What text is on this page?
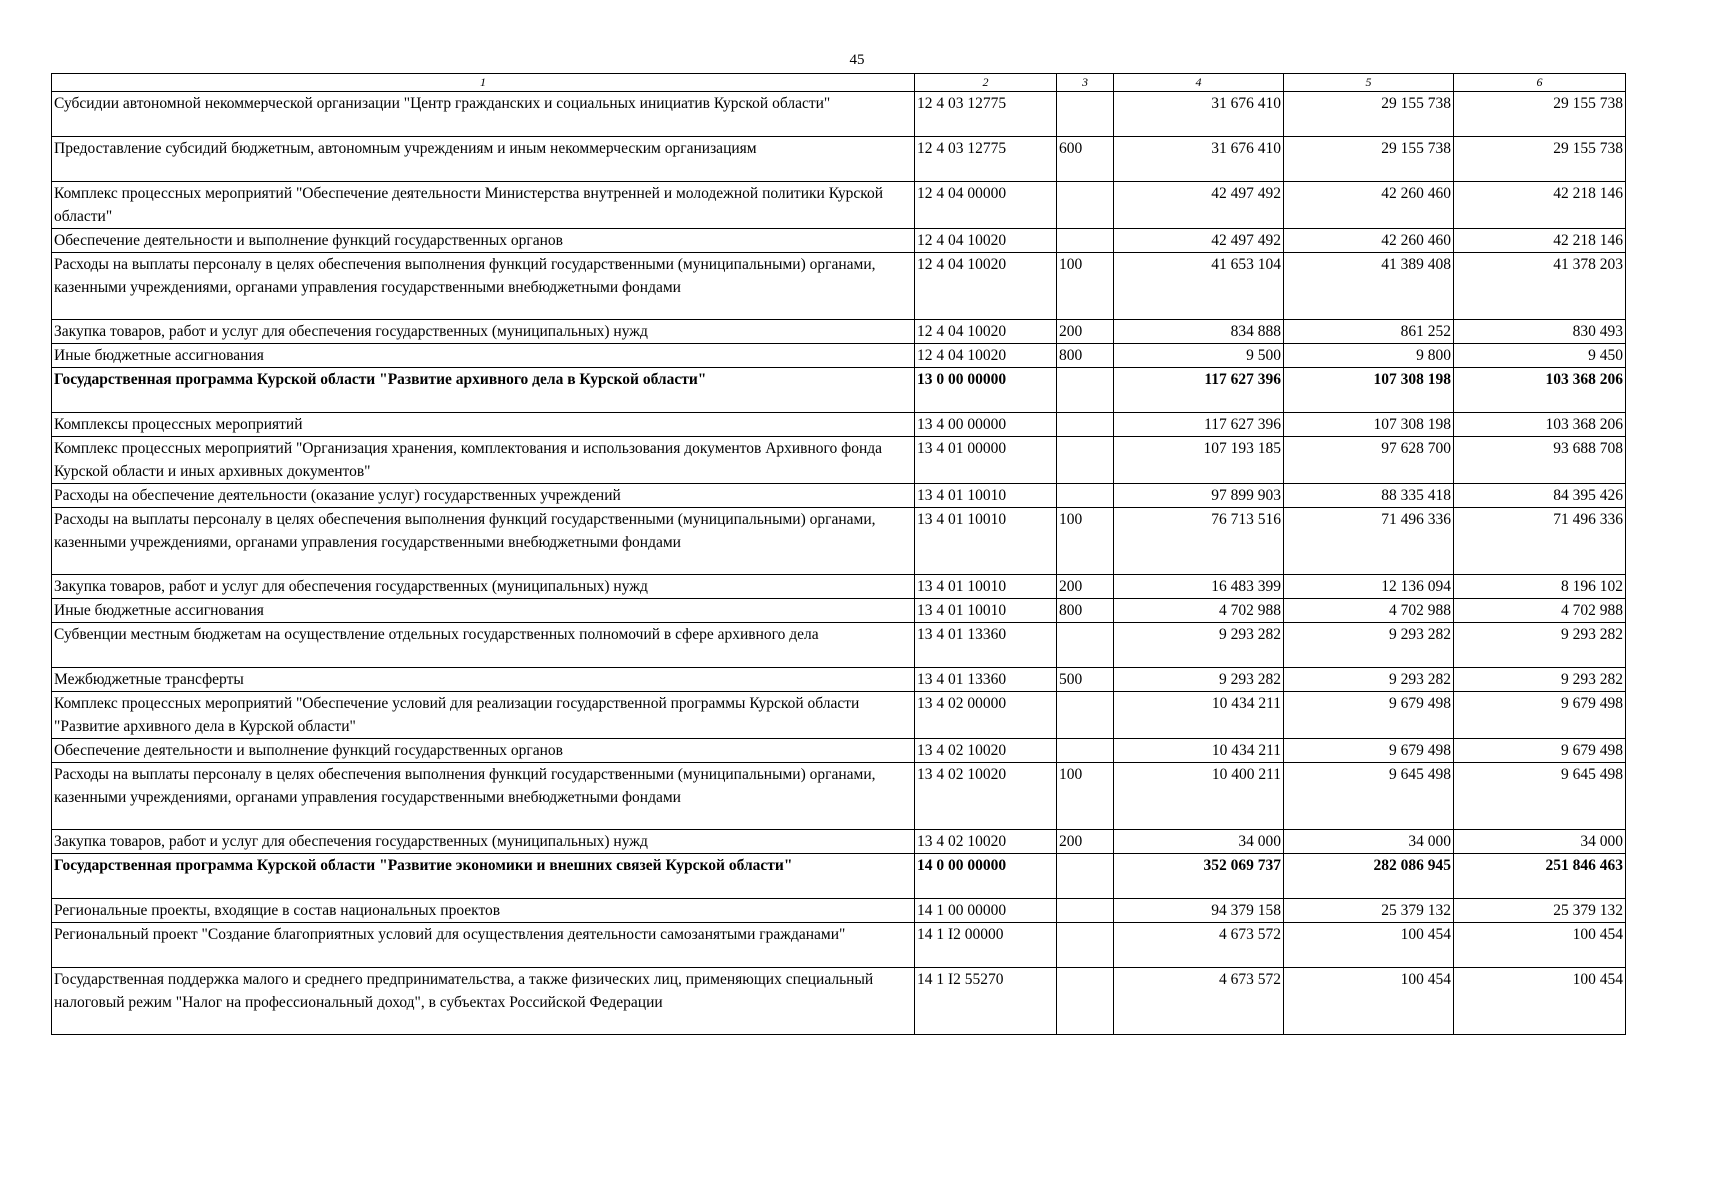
45
1	2	3	4	5	6
Субсидии автономной некоммерческой организации "Центр гражданских и социальных инициатив Курской области"	12 4 03 12775		31 676 410	29 155 738	29 155 738
Предоставление субсидий бюджетным, автономным учреждениям и иным некоммерческим организациям	12 4 03 12775	600	31 676 410	29 155 738	29 155 738
Комплекс процессных мероприятий "Обеспечение деятельности Министерства внутренней и молодежной политики Курской области"	12 4 04 00000		42 497 492	42 260 460	42 218 146
Обеспечение деятельности и выполнение функций государственных органов	12 4 04 10020		42 497 492	42 260 460	42 218 146
Расходы на выплаты персоналу в целях обеспечения выполнения функций государственными (муниципальными) органами, казенными учреждениями, органами управления государственными внебюджетными фондами	12 4 04 10020	100	41 653 104	41 389 408	41 378 203
Закупка товаров, работ и услуг для обеспечения государственных (муниципальных) нужд	12 4 04 10020	200	834 888	861 252	830 493
Иные бюджетные ассигнования	12 4 04 10020	800	9 500	9 800	9 450
Государственная программа Курской области "Развитие архивного дела в Курской области"	13 0 00 00000		117 627 396	107 308 198	103 368 206
Комплексы процессных мероприятий	13 4 00 00000		117 627 396	107 308 198	103 368 206
Комплекс процессных мероприятий "Организация хранения, комплектования и использования документов Архивного фонда Курской области и иных архивных документов"	13 4 01 00000		107 193 185	97 628 700	93 688 708
Расходы на обеспечение деятельности (оказание услуг) государственных учреждений	13 4 01 10010		97 899 903	88 335 418	84 395 426
Расходы на выплаты персоналу в целях обеспечения выполнения функций государственными (муниципальными) органами, казенными учреждениями, органами управления государственными внебюджетными фондами	13 4 01 10010	100	76 713 516	71 496 336	71 496 336
Закупка товаров, работ и услуг для обеспечения государственных (муниципальных) нужд	13 4 01 10010	200	16 483 399	12 136 094	8 196 102
Иные бюджетные ассигнования	13 4 01 10010	800	4 702 988	4 702 988	4 702 988
Субвенции местным бюджетам на осуществление отдельных государственных полномочий в сфере архивного дела	13 4 01 13360		9 293 282	9 293 282	9 293 282
Межбюджетные трансферты	13 4 01 13360	500	9 293 282	9 293 282	9 293 282
Комплекс процессных мероприятий "Обеспечение условий для реализации государственной программы Курской области "Развитие архивного дела в Курской области"	13 4 02 00000		10 434 211	9 679 498	9 679 498
Обеспечение деятельности и выполнение функций государственных органов	13 4 02 10020		10 434 211	9 679 498	9 679 498
Расходы на выплаты персоналу в целях обеспечения выполнения функций государственными (муниципальными) органами, казенными учреждениями, органами управления государственными внебюджетными фондами	13 4 02 10020	100	10 400 211	9 645 498	9 645 498
Закупка товаров, работ и услуг для обеспечения государственных (муниципальных) нужд	13 4 02 10020	200	34 000	34 000	34 000
Государственная программа Курской области "Развитие экономики и внешних связей Курской области"	14 0 00 00000		352 069 737	282 086 945	251 846 463
Региональные проекты, входящие в состав национальных проектов	14 1 00 00000		94 379 158	25 379 132	25 379 132
Региональный проект "Создание благоприятных условий для осуществления деятельности самозанятыми гражданами"	14 1 I2 00000		4 673 572	100 454	100 454
Государственная поддержка малого и среднего предпринимательства, а также физических лиц, применяющих специальный налоговый режим "Налог на профессиональный доход", в субъектах Российской Федерации	14 1 I2 55270		4 673 572	100 454	100 454
